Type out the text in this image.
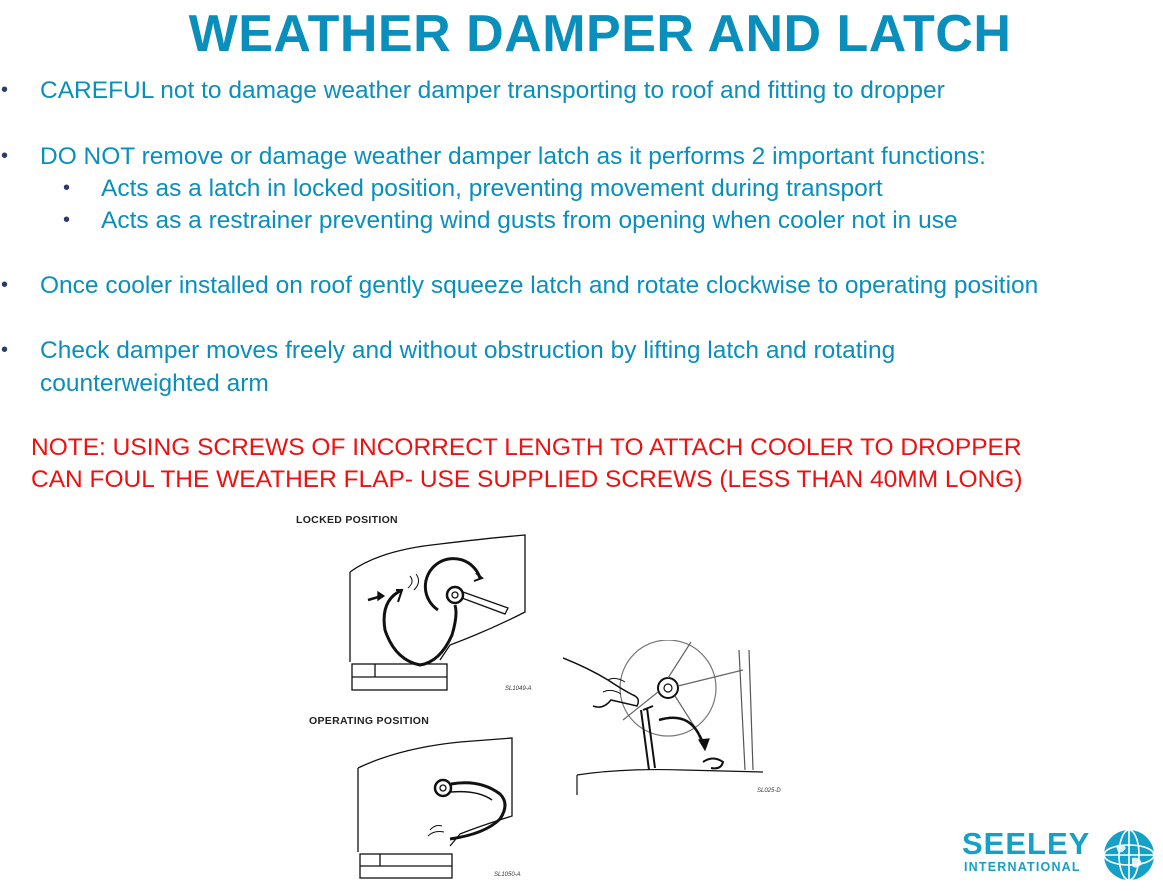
WEATHER DAMPER AND LATCH
• CAREFUL not to damage weather damper transporting to roof and fitting to dropper
• DO NOT remove or damage weather damper latch as it performs 2 important functions:
• Acts as a latch in locked position, preventing movement during transport
• Acts as a restrainer preventing wind gusts from opening when cooler not in use
• Once cooler installed on roof gently squeeze latch and rotate clockwise to operating position
• Check damper moves freely and without obstruction by lifting latch and rotating
counterweighted arm
NOTE: USING SCREWS OF INCORRECT LENGTH TO ATTACH COOLER TO DROPPER
CAN FOUL THE WEATHER FLAP- USE SUPPLIED SCREWS (LESS THAN 40MM LONG)
LOCKED POSITION
SL1049-A
OPERATING POSITION
SL1050-A
SL025-D
SEELEY
INTERNATIONAL
